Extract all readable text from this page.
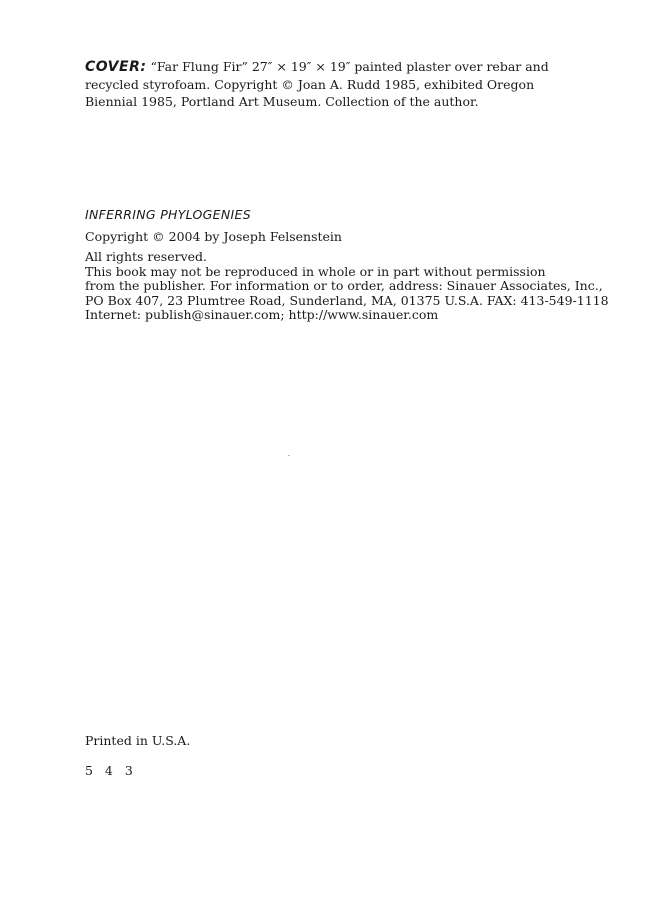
COVER: “Far Flung Fir” 27″ × 19″ × 19″ painted plaster over rebar and recycled styrofoam. Copyright © Joan A. Rudd 1985, exhibited Oregon Biennial 1985, Portland Art Museum. Collection of the author.
INFERRING PHYLOGENIES
Copyright © 2004 by Joseph Felsenstein
All rights reserved.
This book may not be reproduced in whole or in part without permission
from the publisher. For information or to order, address: Sinauer Associates, Inc.,
PO Box 407, 23 Plumtree Road, Sunderland, MA, 01375 U.S.A. FAX: 413-549-1118
Internet: publish@sinauer.com; http://www.sinauer.com
Printed in U.S.A.
5 4 3
